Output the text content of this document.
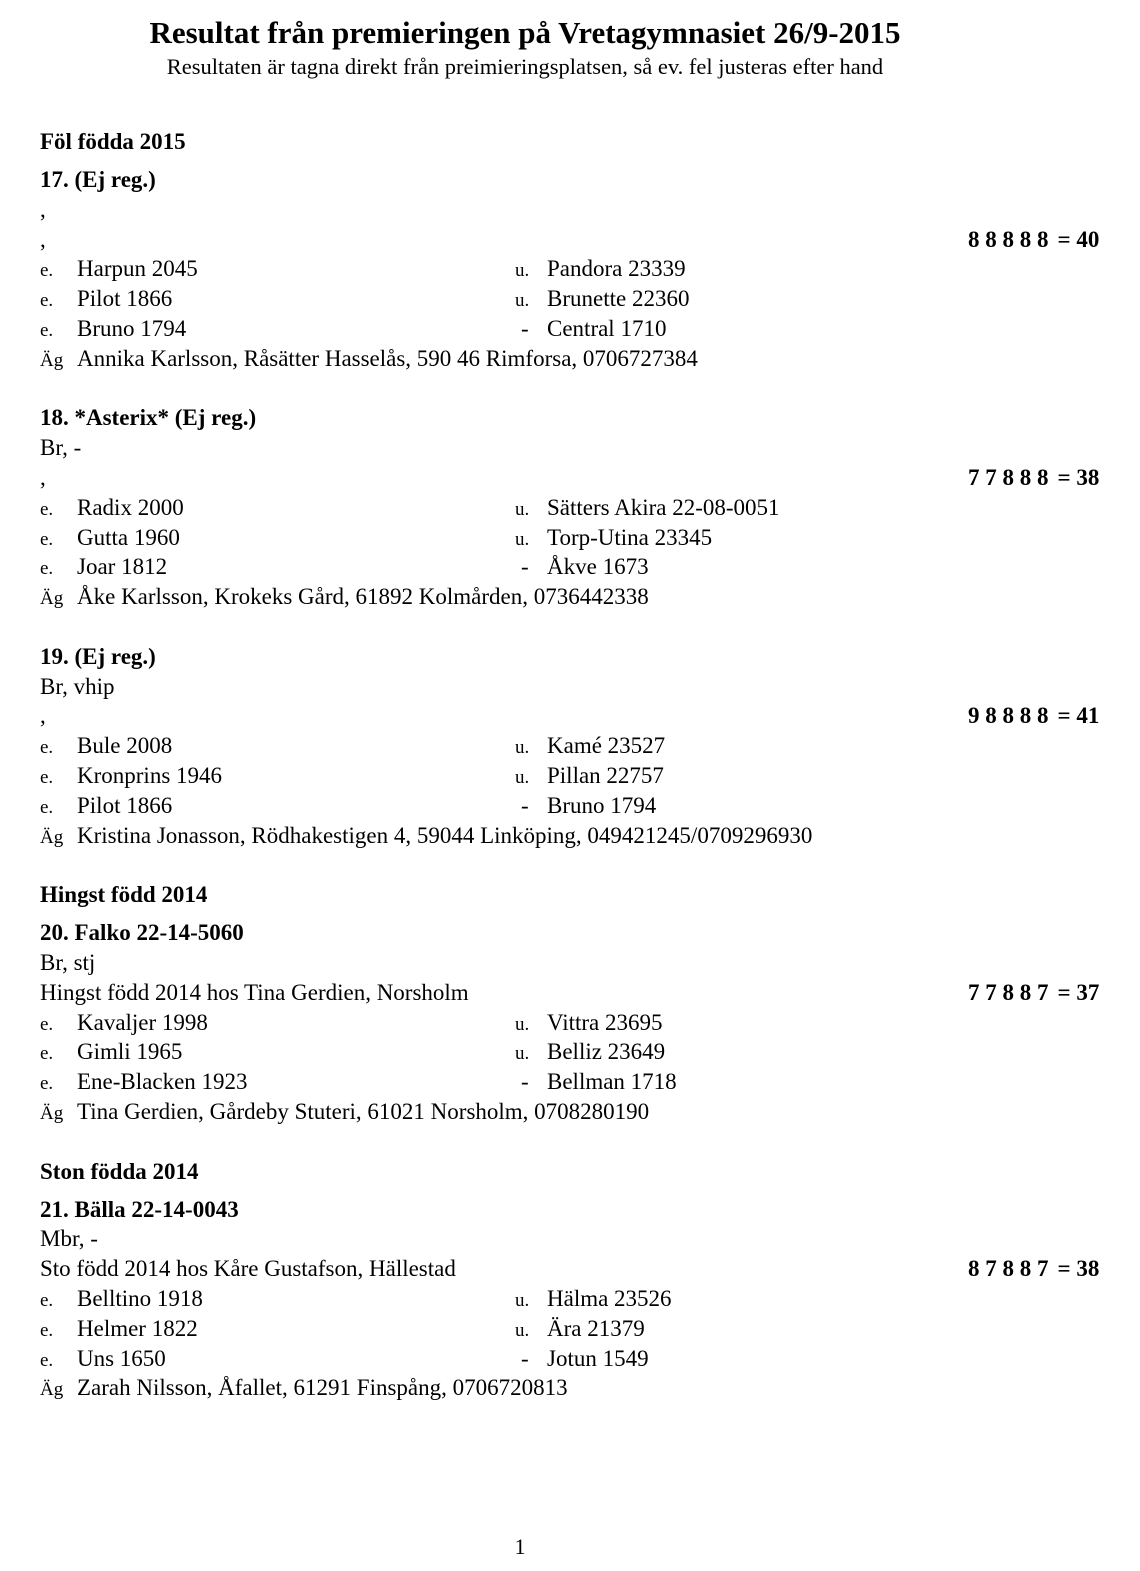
Resultat från premieringen på Vretagymnasiet 26/9-2015
Resultaten är tagna direkt från preimieringsplatsen, så ev. fel justeras efter hand
Föl födda 2015
17. (Ej reg.)
,
,	8 8 8 8 8 = 40
e. Harpun 2045	u. Pandora 23339
e. Pilot 1866	u. Brunette 22360
e. Bruno 1794	- Central 1710
Äg Annika Karlsson, Råsätter Hasselås, 590 46 Rimforsa, 0706727384
18. *Asterix* (Ej reg.)
Br, -
,	7 7 8 8 8 = 38
e. Radix 2000	u. Sätters Akira 22-08-0051
e. Gutta 1960	u. Torp-Utina 23345
e. Joar 1812	- Åkve 1673
Äg Åke Karlsson, Krokeks Gård, 61892 Kolmården, 0736442338
19. (Ej reg.)
Br, vhip
,	9 8 8 8 8 = 41
e. Bule 2008	u. Kamé 23527
e. Kronprins 1946	u. Pillan 22757
e. Pilot 1866	- Bruno 1794
Äg Kristina Jonasson, Rödhakestigen 4, 59044 Linköping, 049421245/0709296930
Hingst född 2014
20. Falko 22-14-5060
Br, stj
Hingst född 2014 hos Tina Gerdien, Norsholm	7 7 8 8 7 = 37
e. Kavaljer 1998	u. Vittra 23695
e. Gimli 1965	u. Belliz 23649
e. Ene-Blacken 1923	- Bellman 1718
Äg Tina Gerdien, Gårdeby Stuteri, 61021 Norsholm, 0708280190
Ston födda 2014
21. Bälla 22-14-0043
Mbr, -
Sto född 2014 hos Kåre Gustafson, Hällestad	8 7 8 8 7 = 38
e. Belltino 1918	u. Hälma 23526
e. Helmer 1822	u. Ära 21379
e. Uns 1650	- Jotun 1549
Äg Zarah Nilsson, Åfallet, 61291 Finspång, 0706720813
1
